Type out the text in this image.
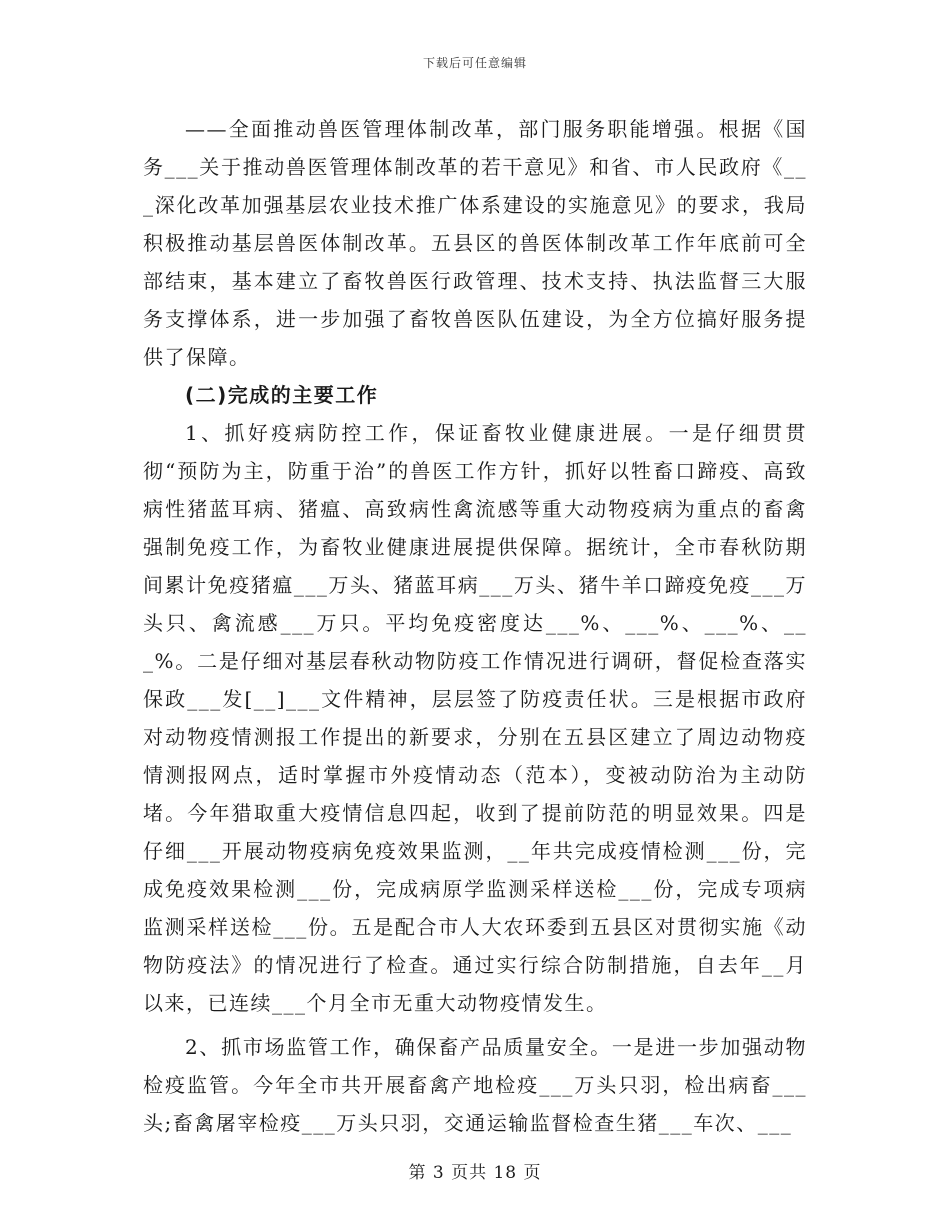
下载后可任意编辑

——全面推动兽医管理体制改革，部门服务职能增强。根据《国务___关于推动兽医管理体制改革的若干意见》和省、市人民政府《___深化改革加强基层农业技术推广体系建设的实施意见》的要求，我局积极推动基层兽医体制改革。五县区的兽医体制改革工作年底前可全部结束，基本建立了畜牧兽医行政管理、技术支持、执法监督三大服务支撑体系，进一步加强了畜牧兽医队伍建设，为全方位搞好服务提供了保障。

(二)完成的主要工作

1、抓好疫病防控工作，保证畜牧业健康进展。一是仔细贯贯彻“预防为主，防重于治”的兽医工作方针，抓好以牲畜口蹄疫、高致病性猪蓝耳病、猪瘟、高致病性禽流感等重大动物疫病为重点的畜禽强制免疫工作，为畜牧业健康进展提供保障。据统计，全市春秋防期间累计免疫猪瘟___万头、猪蓝耳病___万头、猪牛羊口蹄疫免疫___万头只、禽流感___万只。平均免疫密度达___%、___%、___%、___%。二是仔细对基层春秋动物防疫工作情况进行调研，督促检查落实保政___发[__]___文件精神，层层签了防疫责任状。三是根据市政府对动物疫情测报工作提出的新要求，分别在五县区建立了周边动物疫情测报网点，适时掌握市外疫情动态（范本），变被动防治为主动防堵。今年猎取重大疫情信息四起，收到了提前防范的明显效果。四是仔细___开展动物疫病免疫效果监测，__年共完成疫情检测___份，完成免疫效果检测___份，完成病原学监测采样送检___份，完成专项病监测采样送检___份。五是配合市人大农环委到五县区对贯彻实施《动物防疫法》的情况进行了检查。通过实行综合防制措施，自去年__月以来，已连续___个月全市无重大动物疫情发生。

2、抓市场监管工作，确保畜产品质量安全。一是进一步加强动物检疫监管。今年全市共开展畜禽产地检疫___万头只羽，检出病畜___头;畜禽屠宰检疫___万头只羽，交通运输监督检查生猪___车次、___

第 3 页共 18 页
